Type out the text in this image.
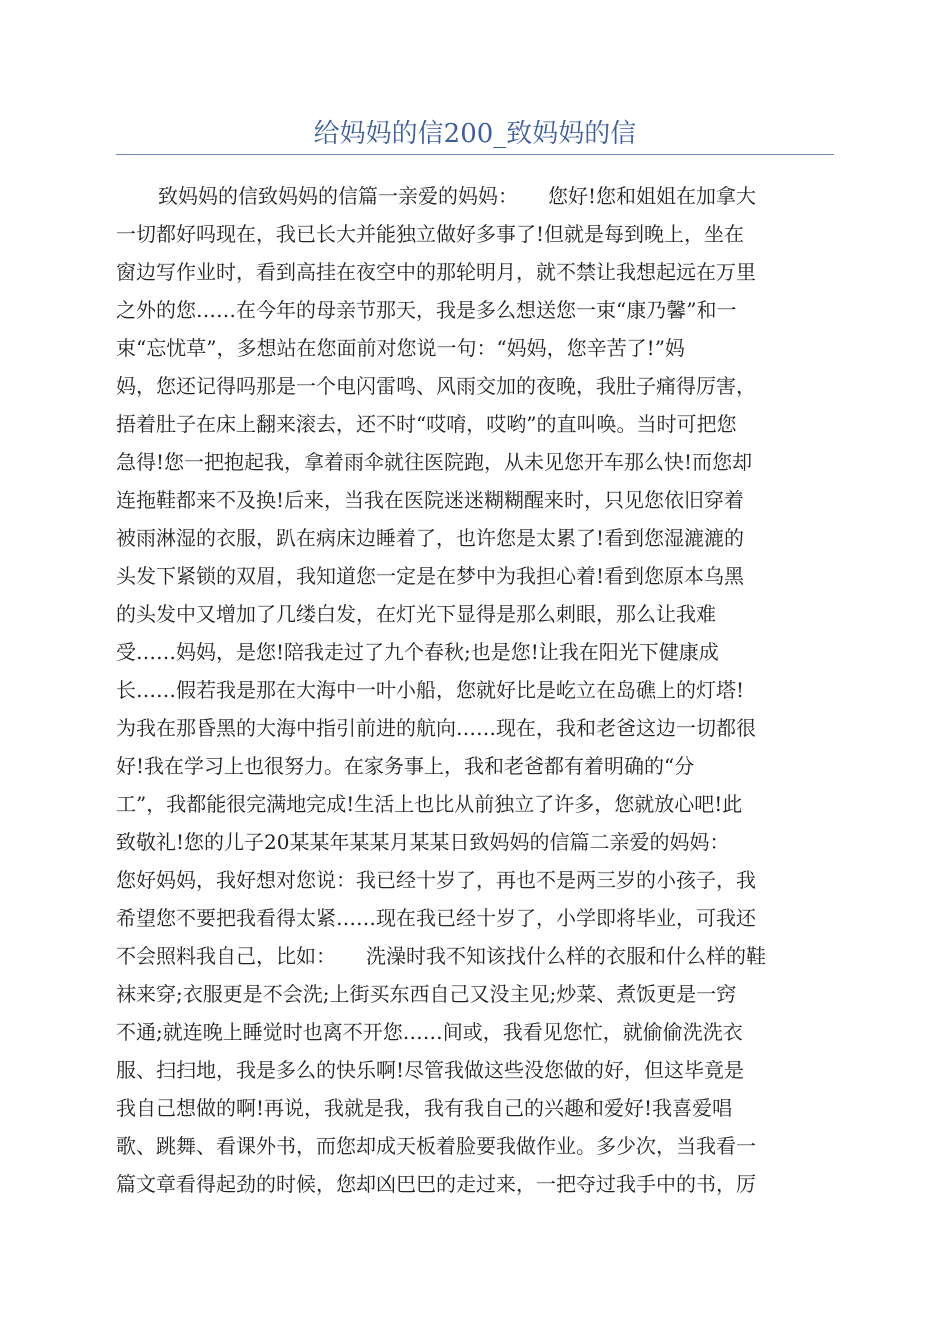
给妈妈的信200_致妈妈的信
致妈妈的信致妈妈的信篇一亲爱的妈妈：　　您好!您和姐姐在加拿大
一切都好吗现在，我已长大并能独立做好多事了!但就是每到晚上，坐在
窗边写作业时，看到高挂在夜空中的那轮明月，就不禁让我想起远在万里
之外的您……在今年的母亲节那天，我是多么想送您一束“康乃馨”和一
束“忘忧草”，多想站在您面前对您说一句：“妈妈，您辛苦了!”妈
妈，您还记得吗那是一个电闪雷鸣、风雨交加的夜晚，我肚子痛得厉害，
捂着肚子在床上翻来滚去，还不时“哎唷，哎哟”的直叫唤。当时可把您
急得!您一把抱起我，拿着雨伞就往医院跑，从未见您开车那么快!而您却
连拖鞋都来不及换!后来，当我在医院迷迷糊糊醒来时，只见您依旧穿着
被雨淋湿的衣服，趴在病床边睡着了，也许您是太累了!看到您湿漉漉的
头发下紧锁的双眉，我知道您一定是在梦中为我担心着!看到您原本乌黑
的头发中又增加了几缕白发，在灯光下显得是那么刺眼，那么让我难
受……妈妈，是您!陪我走过了九个春秋;也是您!让我在阳光下健康成
长……假若我是那在大海中一叶小船，您就好比是屹立在岛礁上的灯塔!
为我在那昏黑的大海中指引前进的航向……现在，我和老爸这边一切都很
好!我在学习上也很努力。在家务事上，我和老爸都有着明确的“分
工”，我都能很完满地完成!生活上也比从前独立了许多，您就放心吧!此
致敬礼!您的儿子20某某年某某月某某日致妈妈的信篇二亲爱的妈妈：
您好妈妈，我好想对您说：我已经十岁了，再也不是两三岁的小孩子，我
希望您不要把我看得太紧……现在我已经十岁了，小学即将毕业，可我还
不会照料我自己，比如：　　洗澡时我不知该找什么样的衣服和什么样的鞋
袜来穿;衣服更是不会洗;上街买东西自己又没主见;炒菜、煮饭更是一窍
不通;就连晚上睡觉时也离不开您……间或，我看见您忙，就偷偷洗洗衣
服、扫扫地，我是多么的快乐啊!尽管我做这些没您做的好，但这毕竟是
我自己想做的啊!再说，我就是我，我有我自己的兴趣和爱好!我喜爱唱
歌、跳舞、看课外书，而您却成天板着脸要我做作业。多少次，当我看一
篇文章看得起劲的时候，您却凶巴巴的走过来，一把夺过我手中的书，厉
